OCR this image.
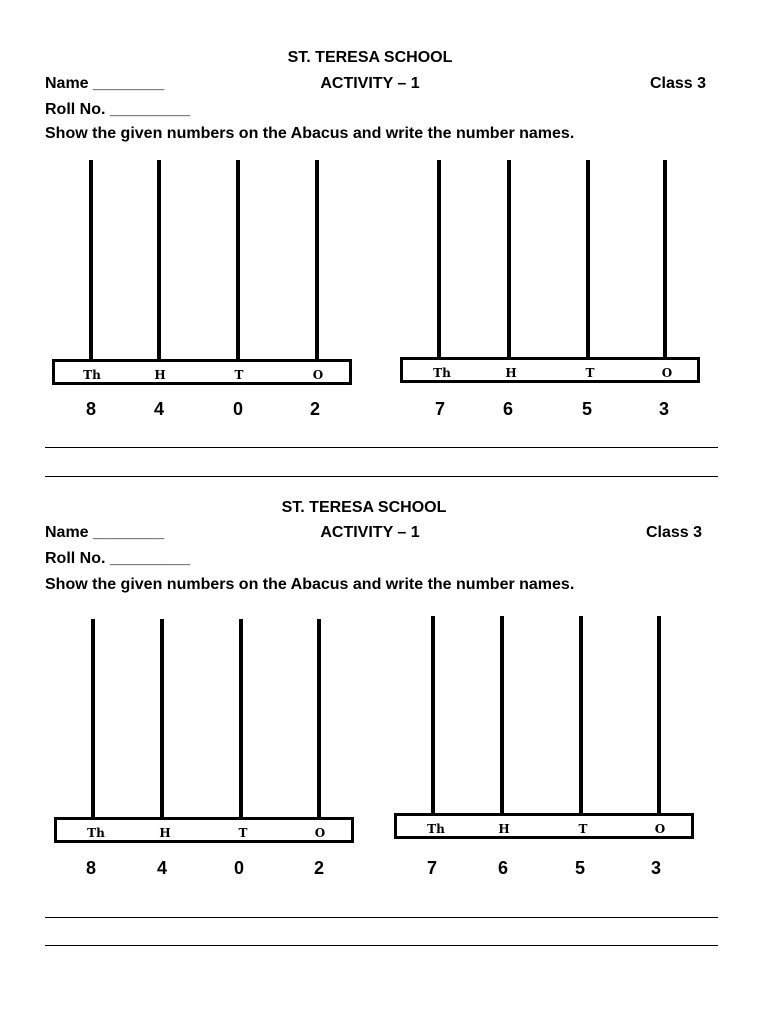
ST. TERESA SCHOOL
Name ________	ACTIVITY – 1	Class 3
Roll No. _________
Show the given numbers on the Abacus and write the number names.
Th	H	T	O
8	4	0	2
Th	H	T	O
7	6	5	3
ST. TERESA SCHOOL
Name ________	ACTIVITY – 1	Class 3
Roll No. _________
Show the given numbers on the Abacus and write the number names.
Th	H	T	O
8	4	0	2
Th	H	T	O
7	6	5	3
